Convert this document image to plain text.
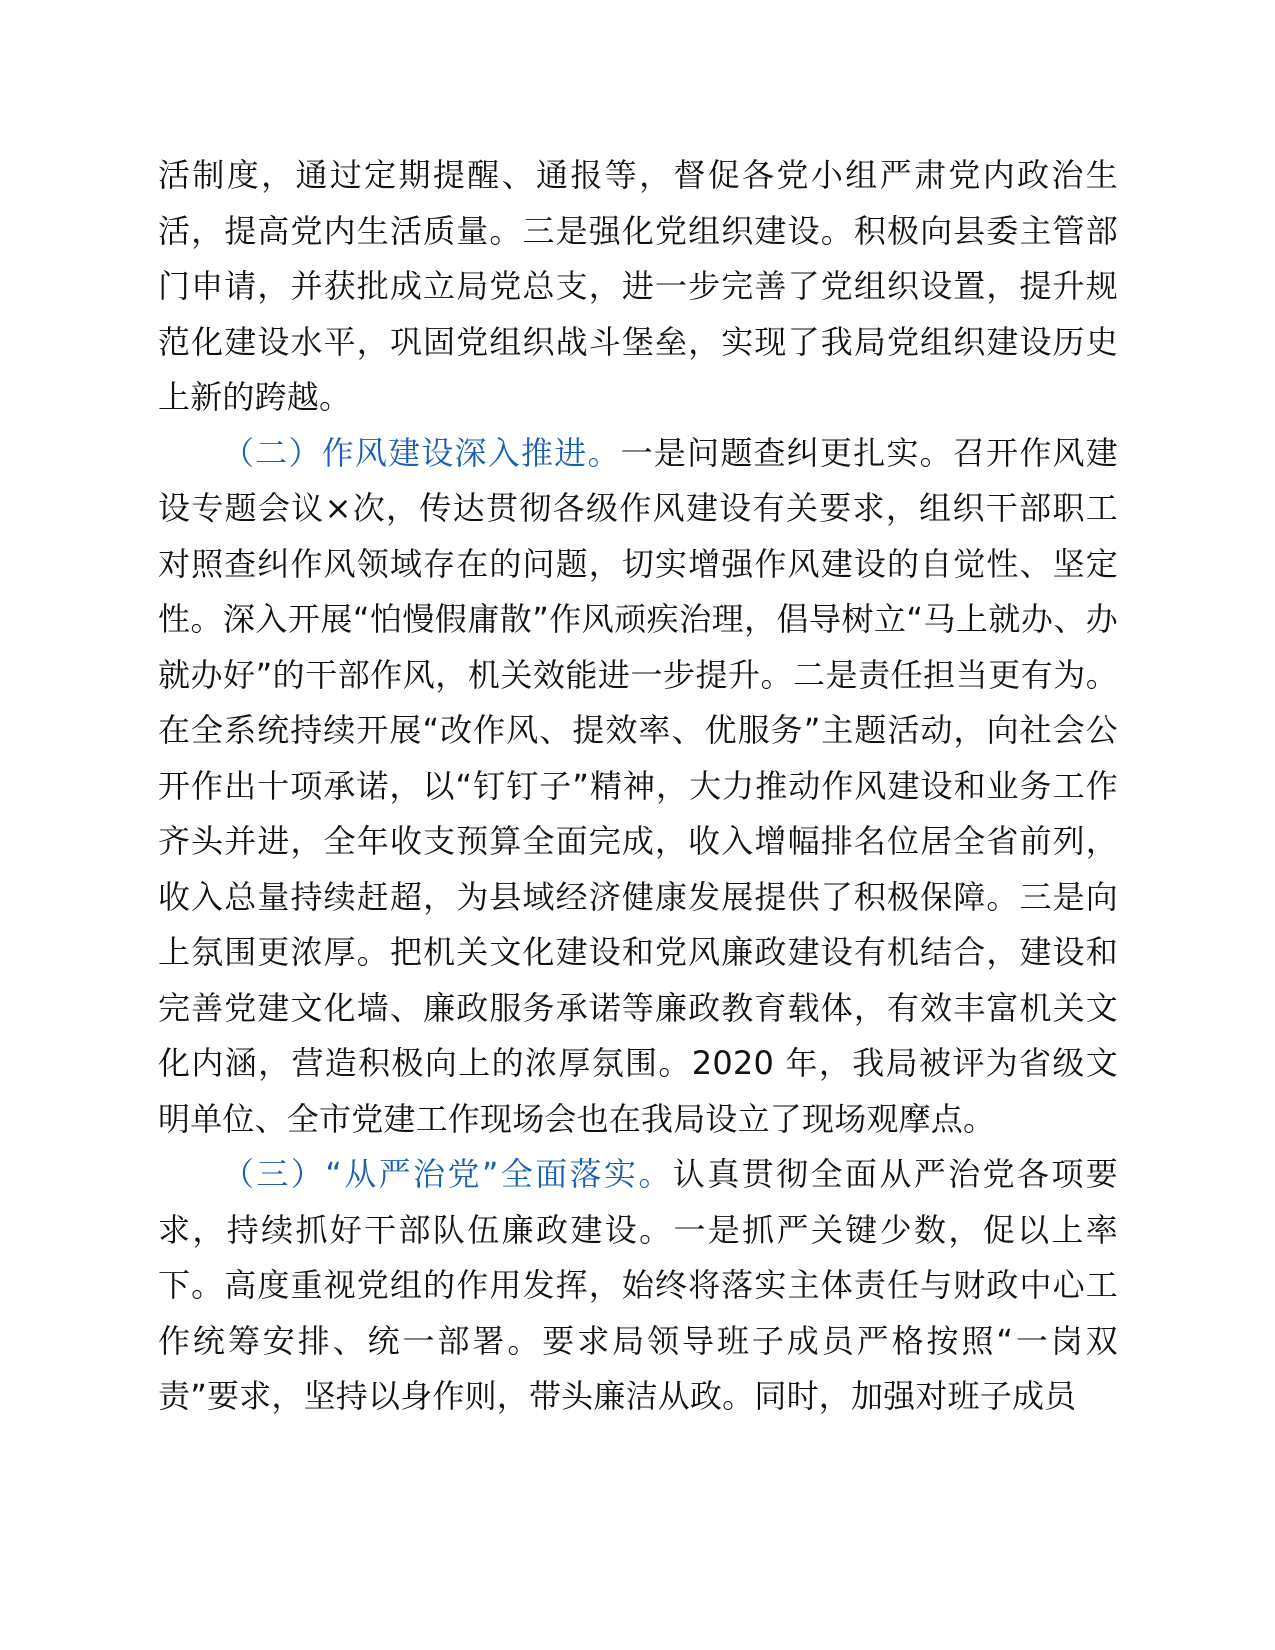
活制度，通过定期提醒、通报等，督促各党小组严肃党内政治生活，提高党内生活质量。三是强化党组织建设。积极向县委主管部门申请，并获批成立局党总支，进一步完善了党组织设置，提升规范化建设水平，巩固党组织战斗堡垒，实现了我局党组织建设历史上新的跨越。

（二）作风建设深入推进。一是问题查纠更扎实。召开作风建设专题会议×次，传达贯彻各级作风建设有关要求，组织干部职工对照查纠作风领域存在的问题，切实增强作风建设的自觉性、坚定性。深入开展“怕慢假庸散”作风顽疾治理，倡导树立“马上就办、办就办好”的干部作风，机关效能进一步提升。二是责任担当更有为。在全系统持续开展“改作风、提效率、优服务”主题活动，向社会公开作出十项承诺，以“钉钉子”精神，大力推动作风建设和业务工作齐头并进，全年收支预算全面完成，收入增幅排名位居全省前列，收入总量持续赶超，为县域经济健康发展提供了积极保障。三是向上氛围更浓厚。把机关文化建设和党风廉政建设有机结合，建设和完善党建文化墙、廉政服务承诺等廉政教育载体，有效丰富机关文化内涵，营造积极向上的浓厚氛围。2020 年，我局被评为省级文明单位、全市党建工作现场会也在我局设立了现场观摩点。

（三）“从严治党”全面落实。认真贯彻全面从严治党各项要求，持续抓好干部队伍廉政建设。一是抓严关键少数，促以上率下。高度重视党组的作用发挥，始终将落实主体责任与财政中心工作统筹安排、统一部署。要求局领导班子成员严格按照“一岗双责”要求，坚持以身作则，带头廉洁从政。同时，加强对班子成员
